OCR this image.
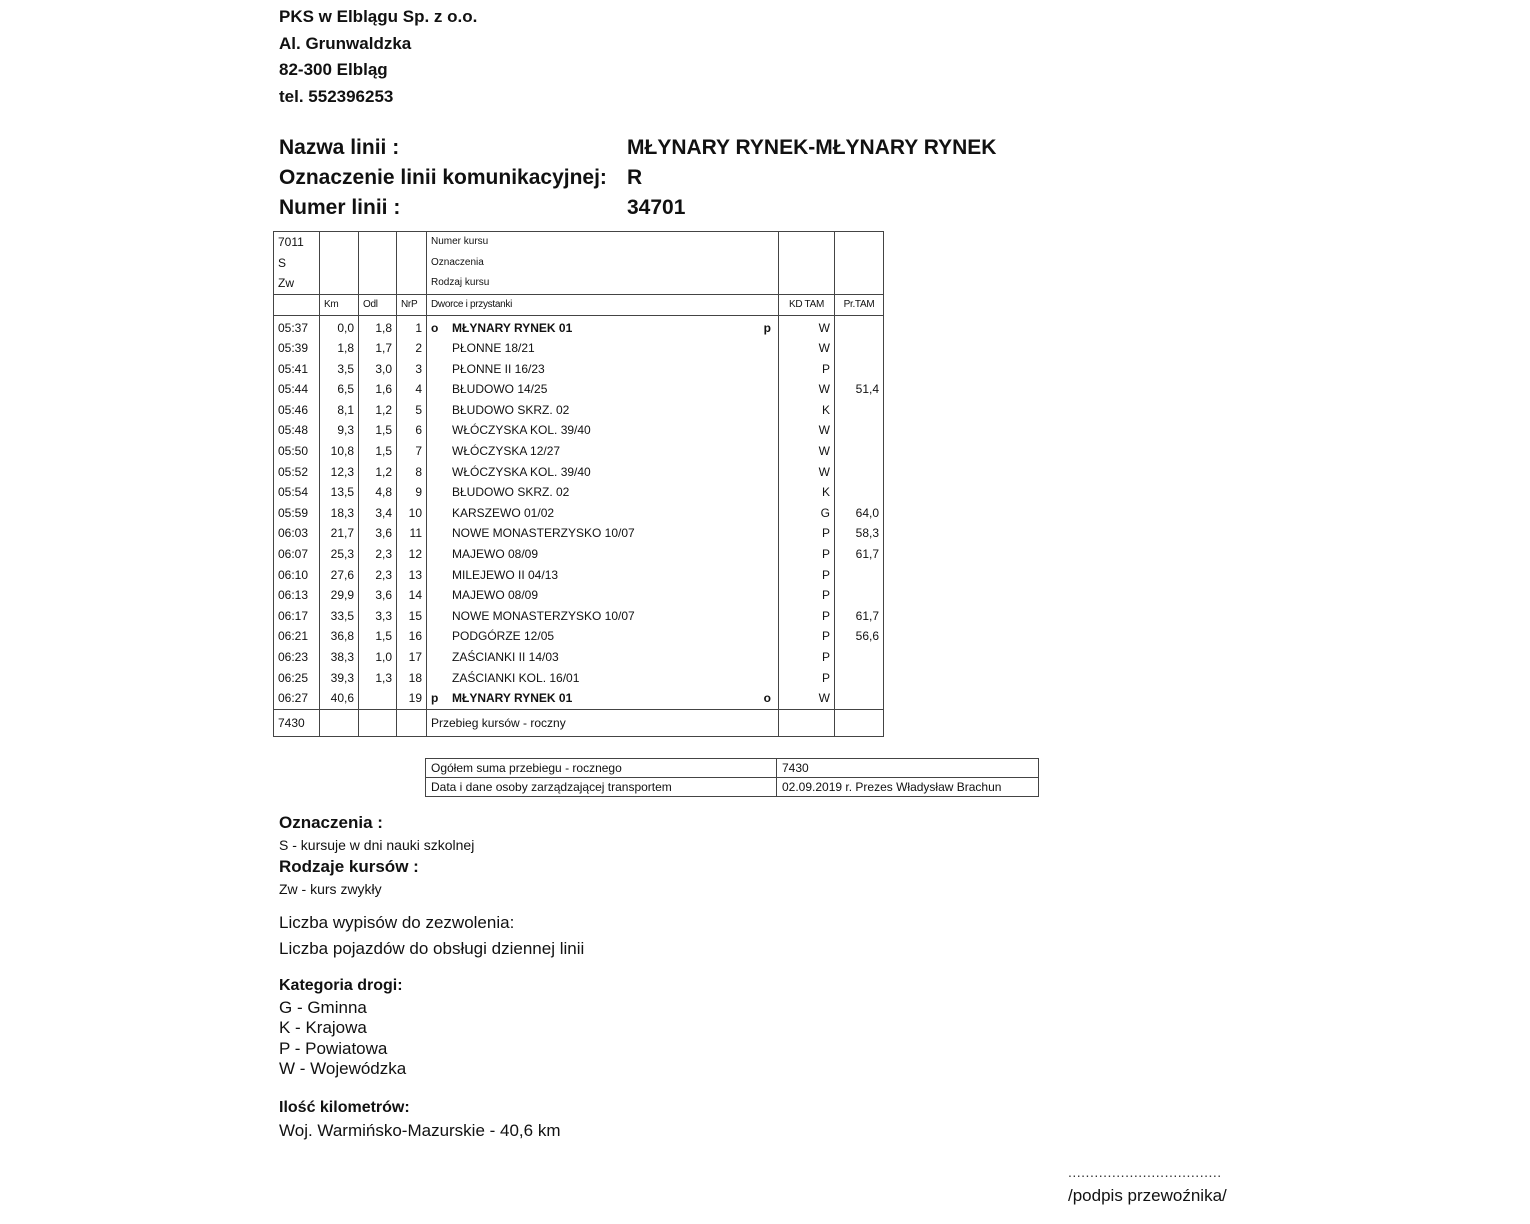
PKS w Elblągu Sp. z o.o.
Al. Grunwaldzka
82-300 Elbląg
tel. 552396253
Nazwa linii :	MŁYNARY RYNEK-MŁYNARY RYNEK
Oznaczenie linii komunikacyjnej: R
Numer linii :	34701
7011				Numer kursu		
S				Oznaczenia		
Zw				Rodzaj kursu		
	Km	Odl	NrP	Dworce i przystanki	KD TAM	Pr.TAM
05:37	0,0	1,8	1	o MŁYNARY RYNEK 01 p	W	
05:39	1,8	1,7	2	PŁONNE 18/21	W	
05:41	3,5	3,0	3	PŁONNE II 16/23	P	
05:44	6,5	1,6	4	BŁUDOWO 14/25	W	51,4
05:46	8,1	1,2	5	BŁUDOWO SKRZ. 02	K	
05:48	9,3	1,5	6	WŁÓCZYSKA KOL. 39/40	W	
05:50	10,8	1,5	7	WŁÓCZYSKA 12/27	W	
05:52	12,3	1,2	8	WŁÓCZYSKA KOL. 39/40	W	
05:54	13,5	4,8	9	BŁUDOWO SKRZ. 02	K	
05:59	18,3	3,4	10	KARSZEWO 01/02	G	64,0
06:03	21,7	3,6	11	NOWE MONASTERZYSKO 10/07	P	58,3
06:07	25,3	2,3	12	MAJEWO 08/09	P	61,7
06:10	27,6	2,3	13	MILEJEWO II 04/13	P	
06:13	29,9	3,6	14	MAJEWO 08/09	P	
06:17	33,5	3,3	15	NOWE MONASTERZYSKO 10/07	P	61,7
06:21	36,8	1,5	16	PODGÓRZE 12/05	P	56,6
06:23	38,3	1,0	17	ZAŚCIANKI II 14/03	P	
06:25	39,3	1,3	18	ZAŚCIANKI KOL. 16/01	P	
06:27	40,6		19	p MŁYNARY RYNEK 01 o	W	
7430				Przebieg kursów - roczny		
Ogółem suma przebiegu - rocznego	7430
Data i dane osoby zarządzającej transportem	02.09.2019 r. Prezes Władysław Brachun
Oznaczenia :
S - kursuje w dni nauki szkolnej
Rodzaje kursów :
Zw - kurs zwykły
Liczba wypisów do zezwolenia:
Liczba pojazdów do obsługi dziennej linii
Kategoria drogi:
G - Gminna
K - Krajowa
P - Powiatowa
W - Wojewódzka
Ilość kilometrów:
Woj. Warmińsko-Mazurskie - 40,6 km
...................................
/podpis przewoźnika/
